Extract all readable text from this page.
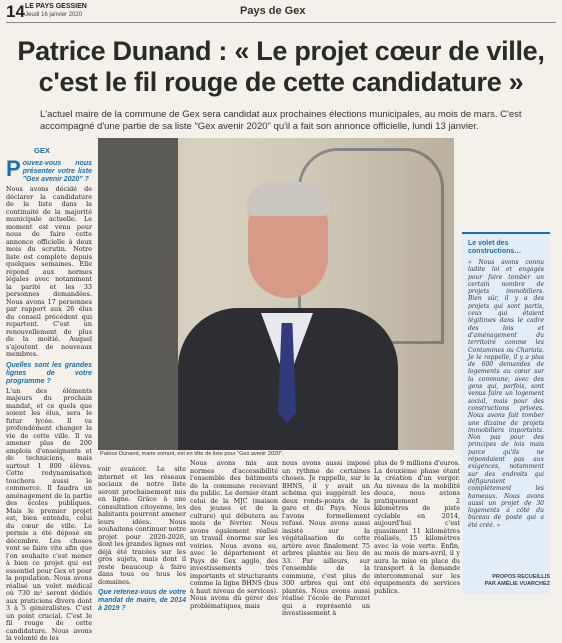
14 LE PAYS GESSIEN
Jeudi 16 janvier 2020	Pays de Gex
Patrice Dunand : « Le projet cœur de ville,
c'est le fil rouge de cette candidature »
L'actuel maire de la commune de Gex sera candidat aux prochaines élections municipales, au mois de mars. C'est accompagné d'une partie de sa liste "Gex avenir 2020" qu'il a fait son annonce officielle, lundi 13 janvier.
GEX
P ouvez-vous nous présenter votre liste "Gex avenir 2020" ?
Nous avons décidé de déclarer la candidature de la liste dans la continuité de la majorité municipale actuelle. Le moment est venu pour nous de faire cette annonce officielle à deux mois du scrutin. Notre liste est complète depuis quelques semaines. Elle répond aux normes légales avec notamment la parité et les 33 personnes demandées. Nous avons 17 personnes par rapport aux 26 élus du conseil précédent qui repartent. C'est un renouvellement de plus de la moitié. Auquel s'ajoutent de nouveaux membres.
Quelles sont les grandes lignes de votre programme ?
L'un des éléments majeurs du prochain mandat, et ce quels que soient les élus, sera le futur lycée. Il va profondément changer la vie de cette ville. Il va amener plus de 200 emplois d'enseignants et de techniciens, mais surtout 1 800 élèves. Cette redynamisation touchera aussi le commerce. Il faudra un aménagement de la partie des écoles publiques. Mais le premier projet est, bien entendu, celui du cœur de ville. Le permis a été déposé en décembre. Les choses vont se faire vite afin que l'on souhaite c'est mener à bien ce projet qui est essentiel pour Gex et pour la population. Nous avons réalisé un volet médical où 730 m² seront dédiés aux praticiens divers dont 3 à 5 généralistes. C'est un point crucial. C'est le fil rouge de cette candidature. Nous avons la volonté de les
Patrice Dunand, maire sortant, est en tête de liste pour "Gex avenir 2020".
voir avancer. Le site internet et les réseaux sociaux de notre liste seront prochainement mis en ligne. Grâce à une consultation citoyenne, les habitants pourront amener leurs idées. Nous souhaitons continuer notre projet pour 2020-2026, dont les grandes lignes ont déjà été tracées sur les gros sujets, mais dont il reste beaucoup à faire dans tous ou tous les domaines.
Que retenez-vous de votre mandat de maire, de 2014 à 2019 ?
Nous avons mis aux normes d'accessibilité l'ensemble des bâtiments de la commune recevant du public. Le dernier étant celui de la MJC (maison des jeunes et de la culture) qui débutera au mois de février. Nous avons également réalisé un travail énorme sur les voiries. Nous avons eu, avec le département et Pays de Gex agglo, des investissements très importants et structurants comme la ligne BHNS (bus à haut niveau de services). Nous avons dû gérer des problématiques, mais
nous avons aussi imposé un rythme de certaines choses. Je rappelle, sur le BHNS, il y avait un schéma qui suggérait les deux ronds-points de la gare et du Pays. Nous l'avons formellement refusé. Nous avons aussi insisté sur la végétalisation de cette artère avec finalement 75 arbres plantés au lieu de 33. Par ailleurs, sur l'ensemble de la commune, c'est plus de 300 arbres qui ont été plantés. Nous avons aussi réalisé l'école de Parozet qui a représenté un investissement à
plus de 9 millions d'euros. La deuxième phase étant la création d'un verger. Au niveau de la mobilité douce, nous avions pratiquement 2 kilomètres de piste cyclable en 2014, aujourd'hui c'est quasiment 11 kilomètres réalisés, 15 kilomètres avec la voie verte. Enfin, au mois de mars-avril, il y aura la mise en place du transport à la demande intercommunal sur les équipements de services publics.
Le volet des constructions…
« Nous avons connu ladite loi et engagés pour faire tomber un certain nombre de projets immobiliers. Bien sûr, il y a des projets qui sont partis, ceux qui étaient légitimes dans le cadre des lois et d'aménagement du territoire comme les Contamines ou Chariats. Je le rappelle, il y a plus de 600 demandes de logements au cœur sur la commune, avec des gens qui, parfois, sont venus faire un logement social, mais pour des constructions privées. Nous avons fait tomber une dizaine de projets immobiliers importants. Non pas pour des principes de lois mais parce qu'ils ne répondaient pas aux exigences, notamment sur des endroits qui défiguraient complètement les hameaux. Nous avons aussi un projet de 30 logements à côté du bureau de poste qui a été créé. »
PROPOS RECUEILLIS
PAR AMÉLIE VUARCHEZ
